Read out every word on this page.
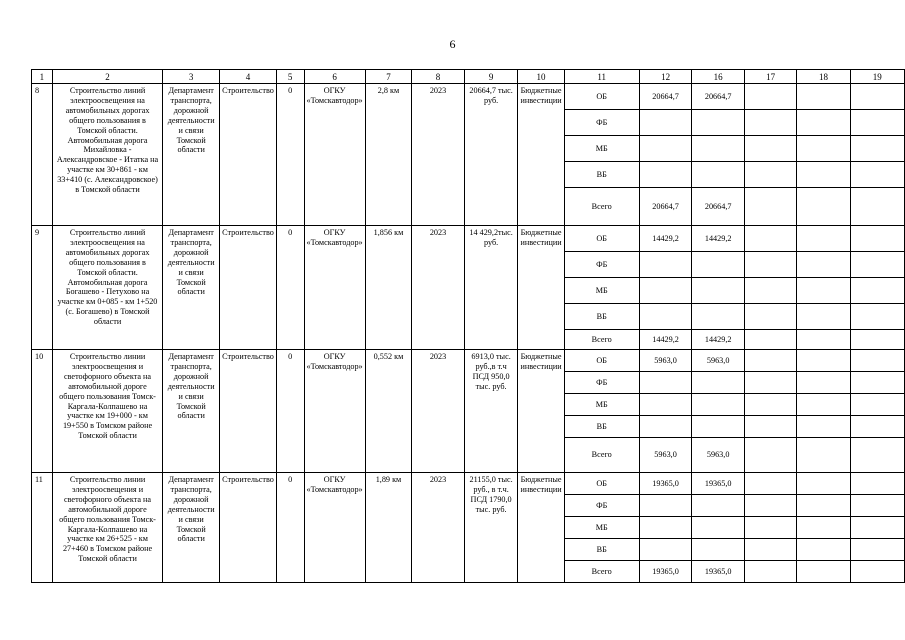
6
1	2	3	4	5	6	7	8	9	10	11	12	16	17	18	19

8	Строительство линий электроосвещения на автомобильных дорогах общего пользования в Томской области. Автомобильная дорога Михайловка - Александровское - Итатка на участке км 30+861 - км 33+410 (с. Александровское) в Томской области	Департамент транспорта, дорожной деятельности и связи Томской области	Строительство	0	ОГКУ «Томскавтодор»	2,8 км	2023	20664,7 тыс. руб.	Бюджетные инвестиции	ОБ	20664,7	20664,7			
										ФБ					
										МБ					
										ВБ					
										Всего	20664,7	20664,7			

9	Строительство линий электроосвещения на автомобильных дорогах общего пользования в Томской области. Автомобильная дорога Богашево - Петухово на участке км 0+085 - км 1+520 (с. Богашево) в Томской области	Департамент транспорта, дорожной деятельности и связи Томской области	Строительство	0	ОГКУ «Томскавтодор»	1,856 км	2023	14 429,2тыс. руб.	Бюджетные инвестиции	ОБ	14429,2	14429,2			
										ФБ					
										МБ					
										ВБ					
										Всего	14429,2	14429,2			

10	Строительство линии электроосвещения и светофорного объекта на автомобильной дороге общего пользования Томск-Каргала-Колпашево на участке км 19+000 - км 19+550 в Томском районе Томской области	Департамент транспорта, дорожной деятельности и связи Томской области	Строительство	0	ОГКУ «Томскавтодор»	0,552 км	2023	6913,0 тыс. руб.,в т.ч ПСД 950,0 тыс. руб.	Бюджетные инвестиции	ОБ	5963,0	5963,0			
										ФБ					
										МБ					
										ВБ					
										Всего	5963,0	5963,0			

11	Строительство линии электроосвещения и светофорного объекта на автомобильной дороге общего пользования Томск-Каргала-Колпашево на участке км 26+525 - км 27+460 в Томском районе Томской области	Департамент транспорта, дорожной деятельности и связи Томской области	Строительство	0	ОГКУ «Томскавтодор»	1,89 км	2023	21155,0 тыс. руб., в т.ч. ПСД 1790,0 тыс. руб.	Бюджетные инвестиции	ОБ	19365,0	19365,0			
										ФБ					
										МБ					
										ВБ					
										Всего	19365,0	19365,0			
